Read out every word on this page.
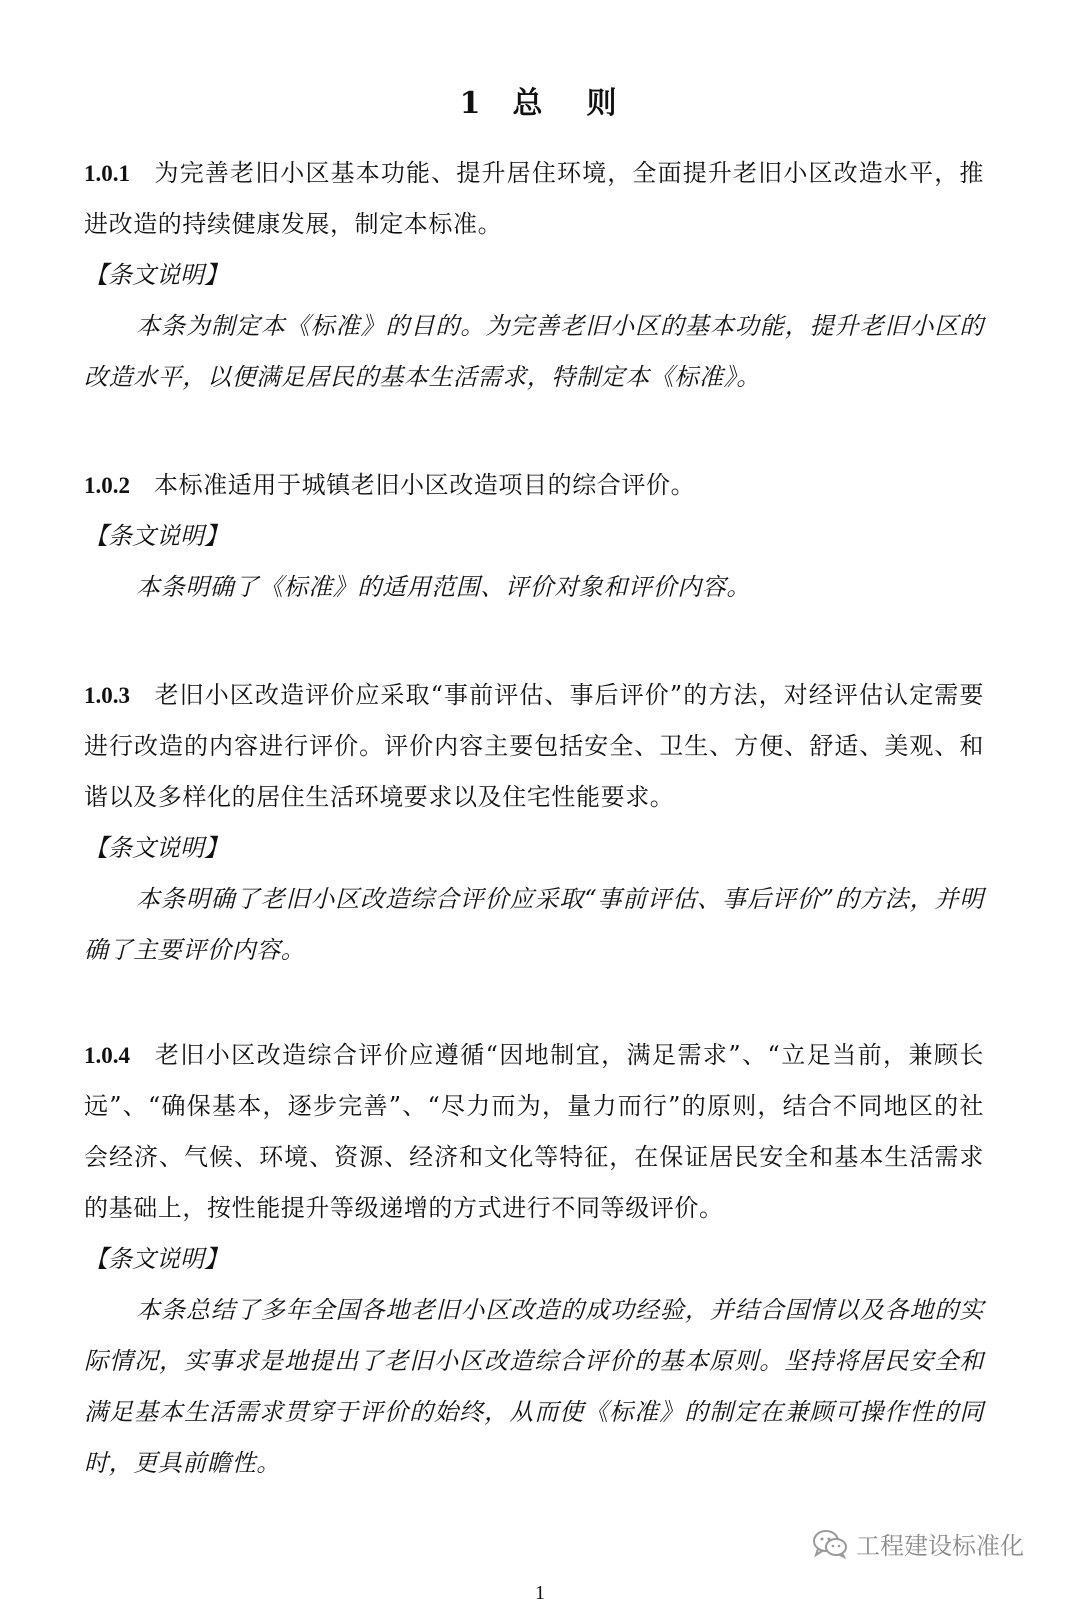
1 总 则
1.0.1 为完善老旧小区基本功能、提升居住环境，全面提升老旧小区改造水平，推进改造的持续健康发展，制定本标准。
【条文说明】
本条为制定本《标准》的目的。为完善老旧小区的基本功能，提升老旧小区的改造水平，以便满足居民的基本生活需求，特制定本《标准》。
1.0.2 本标准适用于城镇老旧小区改造项目的综合评价。
【条文说明】
本条明确了《标准》的适用范围、评价对象和评价内容。
1.0.3 老旧小区改造评价应采取“事前评估、事后评价”的方法，对经评估认定需要进行改造的内容进行评价。评价内容主要包括安全、卫生、方便、舒适、美观、和谐以及多样化的居住生活环境要求以及住宅性能要求。
【条文说明】
本条明确了老旧小区改造综合评价应采取“事前评估、事后评价”的方法，并明确了主要评价内容。
1.0.4 老旧小区改造综合评价应遵循“因地制宜，满足需求”、“立足当前，兼顾长远”、“确保基本，逐步完善”、“尽力而为，量力而行”的原则，结合不同地区的社会经济、气候、环境、资源、经济和文化等特征，在保证居民安全和基本生活需求的基础上，按性能提升等级递增的方式进行不同等级评价。
【条文说明】
本条总结了多年全国各地老旧小区改造的成功经验，并结合国情以及各地的实际情况，实事求是地提出了老旧小区改造综合评价的基本原则。坚持将居民安全和满足基本生活需求贯穿于评价的始终，从而使《标准》的制定在兼顾可操作性的同时，更具前瞻性。
工程建设标准化
1
